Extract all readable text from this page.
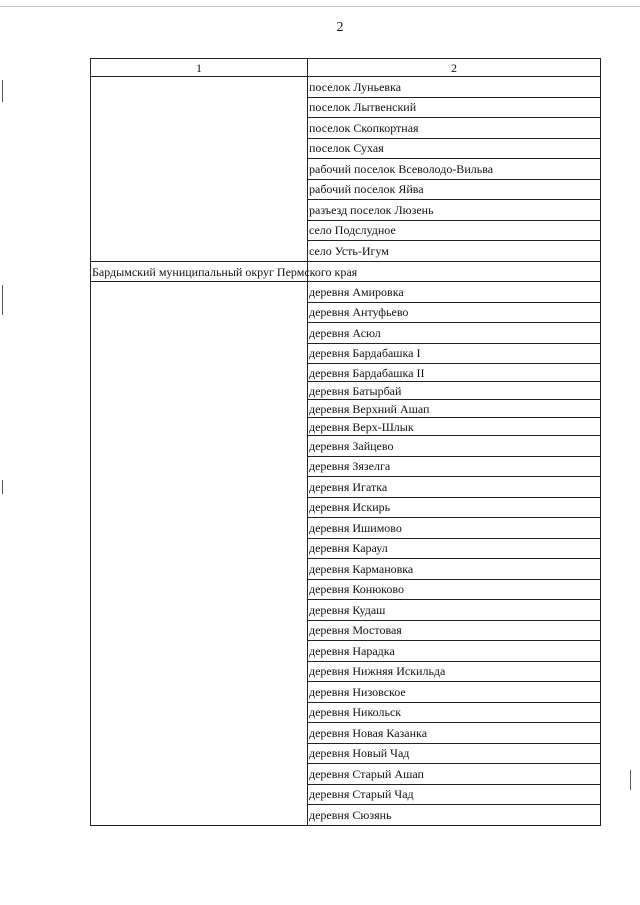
2
1	2
	поселок Луньевка
	поселок Лытвенский
	поселок Скопкортная
	поселок Сухая
	рабочий поселок Всеволодо-Вильва
	рабочий поселок Яйва
	разъезд поселок Люзень
	село Подслудное
	село Усть-Игум

Бардымский муниципальный округ Пермского края	

	деревня Амировка
	деревня Антуфьево
	деревня Асюл
	деревня Бардабашка I
	деревня Бардабашка II
	деревня Батырбай
	деревня Верхний Ашап
	деревня Верх-Шлык
	деревня Зайцево
	деревня Зязелга
	деревня Игатка
	деревня Искирь
	деревня Ишимово
	деревня Караул
	деревня Кармановка
	деревня Конюково
	деревня Кудаш
	деревня Мостовая
	деревня Нарадка
	деревня Нижняя Искильда
	деревня Низовское
	деревня Никольск
	деревня Новая Казанка
	деревня Новый Чад
	деревня Старый Ашап
	деревня Старый Чад
	деревня Сюзянь
